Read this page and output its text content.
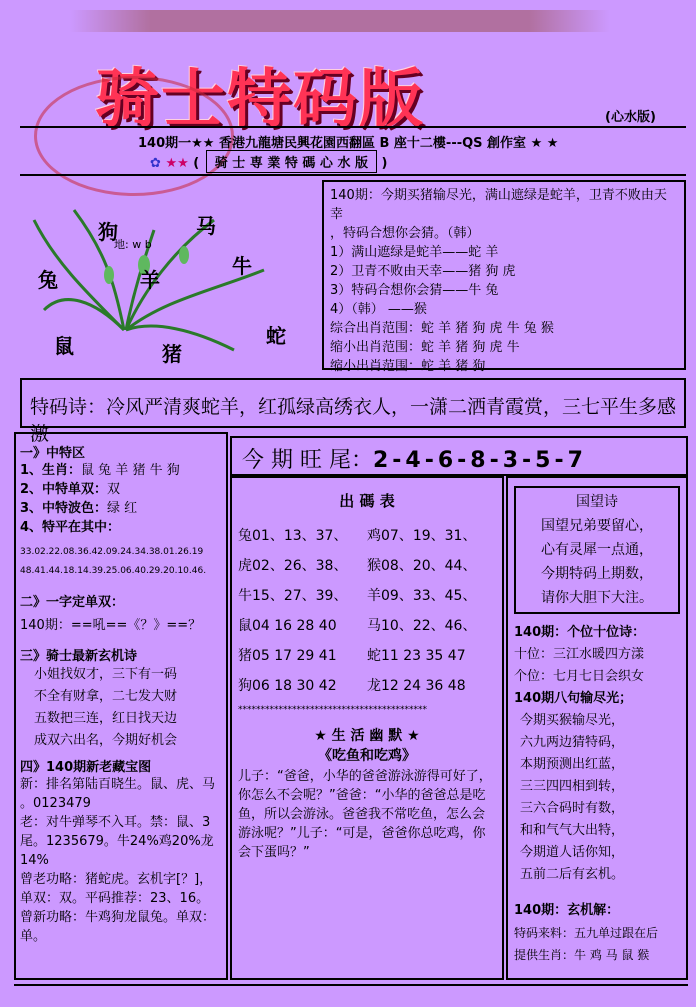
骑士特码版	(心水版)
140期一★★ 香港九龍塘民興花園西翻區 B 座十二樓---QS 創作室 ★ ★
✿ ★★ ( 骑 士 専 業 特 碼 心 水 版 )
狗	马
兔	羊
牛
鼠	猪
蛇
地: w b
140期：今期买猪输尽光，满山遮绿是蛇羊，卫青不败由天幸
，特码合想你会猜。（韩）
1）满山遮绿是蛇羊——蛇 羊
2）卫青不败由天幸——猪 狗 虎
3）特码合想你会猜——牛 兔
4）（韩） ——猴
综合出肖范围：蛇 羊 猪 狗 虎 牛 兔 猴
缩小出肖范围：蛇 羊 猪 狗 虎 牛
缩小出肖范围：蛇 羊 猪 狗
特码诗：冷风严清爽蛇羊，红孤绿高绣衣人，一潇二洒青霞赏，三七平生多感激
一》中特区
1、生肖：鼠 兔 羊 猪 牛 狗
2、中特单双：双
3、中特波色：绿 红
4、特平在其中：
33.02.22.08.36.42.09.24.34.38.01.26.19
48.41.44.18.14.39.25.06.40.29.20.10.46.
二》一字定单双：
140期：==吼==《？》==？
三》骑士最新玄机诗
小姐找奴才，三下有一码
不全有财拿，二七发大财
五数把三连，红日找天边
成双六出名，今期好机会
四》140期新老藏宝图
新：排名第陆百晓生。鼠、虎、马
。0123479
老：对牛弹琴不入耳。禁：鼠、3
尾。1235679。牛24%鸡20%龙14%
曾老功略：猪蛇虎。玄机字[？]，
单双：双。平码推荐：23、16。
曾新功略：牛鸡狗龙鼠兔。单双：
单。
今 期 旺 尾：2-4-6-8-3-5-7
出 碼 表
兔01、13、37、	鸡07、19、31、
虎02、26、38、	猴08、20、44、
牛15、27、39、	羊09、33、45、
鼠04 16 28 40	马10、22、46、
猪05 17 29 41	蛇11 23 35 47
狗06 18 30 42	龙12 24 36 48
******************************************
★ 生 活 幽 默 ★
《吃鱼和吃鸡》
儿子：“爸爸，小华的爸爸游泳游得可好了，你怎么不会呢？”爸爸：“小华的爸爸总是吃鱼，所以会游泳。爸爸我不常吃鱼，怎么会游泳呢？”儿子：“可是，爸爸你总吃鸡，你会下蛋吗？”
国望诗
国望兄弟要留心，
心有灵犀一点通，
今期特码上期数，
请你大胆下大注。
140期：个位十位诗：
十位：三江水暖四方漾
个位：七月七日会织女
140期八句输尽光；
今期买猴输尽光，
六九两边猜特码，
本期预测出红蓝，
三三四四相到转，
三六合码时有数，
和和气气大出特，
今期道人话你知，
五前二后有玄机。
140期：玄机解：
特码来料：五九单过跟在后
提供生肖：牛 鸡 马 鼠 猴
